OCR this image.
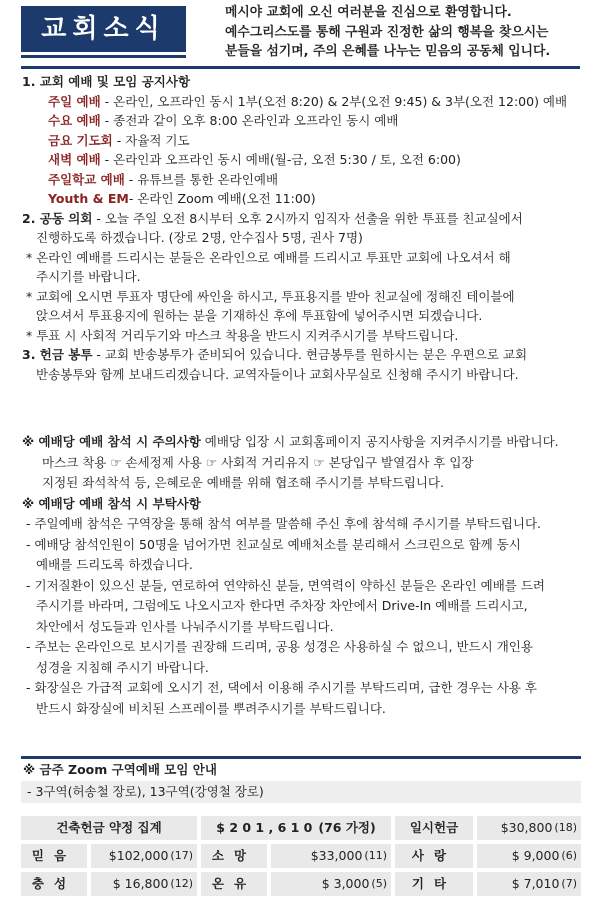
교회소식
메시야 교회에 오신 여러분을 진심으로 환영합니다.
예수그리스도를 통해 구원과 진정한 삶의 행복을 찾으시는
분들을 섬기며, 주의 은혜를 나누는 믿음의 공동체 입니다.
1. 교회 예배 및 모임 공지사항
주일 예배 - 온라인, 오프라인 동시 1부(오전 8:20) & 2부(오전 9:45) & 3부(오전 12:00) 예배
수요 예배 - 종전과 같이 오후 8:00 온라인과 오프라인 동시 예배
금요 기도회 - 자율적 기도
새벽 예배 - 온라인과 오프라인 동시 예배(월-금, 오전 5:30 / 토, 오전 6:00)
주일학교 예배 - 유튜브를 통한 온라인예배
Youth & EM- 온라인 Zoom 예배(오전 11:00)
2. 공동 의회 - 오늘 주일 오전 8시부터 오후 2시까지 임직자 선출을 위한 투표를 친교실에서
진행하도록 하겠습니다. (장로 2명, 안수집사 5명, 권사 7명)
* 온라인 예배를 드리시는 분들은 온라인으로 예배를 드리시고 투표만 교회에 나오셔서 해
주시기를 바랍니다.
* 교회에 오시면 투표자 명단에 싸인을 하시고, 투표용지를 받아 친교실에 정해진 테이블에
앉으셔서 투표용지에 원하는 분을 기재하신 후에 투표함에 넣어주시면 되겠습니다.
* 투표 시 사회적 거리두기와 마스크 착용을 반드시 지켜주시기를 부탁드립니다.
3. 헌금 봉투 - 교회 반송봉투가 준비되어 있습니다. 현금봉투를 원하시는 분은 우편으로 교회
반송봉투와 함께 보내드리겠습니다. 교역자들이나 교회사무실로 신청해 주시기 바랍니다.
※ 예배당 예배 참석 시 주의사항 예배당 입장 시 교회홈페이지 공지사항을 지켜주시기를 바랍니다.
마스크 착용 ☞ 손세정제 사용 ☞ 사회적 거리유지 ☞ 본당입구 발열검사 후 입장
지정된 좌석착석 등, 은혜로운 예배를 위해 협조해 주시기를 부탁드립니다.
※ 예배당 예배 참석 시 부탁사항
- 주일예배 참석은 구역장을 통해 참석 여부를 말씀해 주신 후에 참석해 주시기를 부탁드립니다.
- 예배당 참석인원이 50명을 넘어가면 친교실로 예배처소를 분리해서 스크린으로 함께 동시
예배를 드리도록 하겠습니다.
- 기저질환이 있으신 분들, 연로하여 연약하신 분들, 면역력이 약하신 분들은 온라인 예배를 드려
주시기를 바라며, 그럼에도 나오시고자 한다면 주차장 차안에서 Drive-In 예배를 드리시고,
차안에서 성도들과 인사를 나눠주시기를 부탁드립니다.
- 주보는 온라인으로 보시기를 권장해 드리며, 공용 성경은 사용하실 수 없으니, 반드시 개인용
성경을 지침해 주시기 바랍니다.
- 화장실은 가급적 교회에 오시기 전, 댁에서 이용해 주시기를 부탁드리며, 급한 경우는 사용 후
반드시 화장실에 비치된 스프레이를 뿌려주시기를 부탁드립니다.
※ 금주 Zoom 구역예배 모임 안내
- 3구역(허송철 장로), 13구역(강영철 장로)
건축헌금 약정 집계	$ 2 0 1 , 6 1 0 (76 가정)	일시헌금	$30,800 (18)
믿음	$102,000 (17)	소망	$33,000 (11)	사랑	$ 9,000 (6)
충성	$ 16,800 (12)	온유	$ 3,000 (5)	기타	$ 7,010 (7)
